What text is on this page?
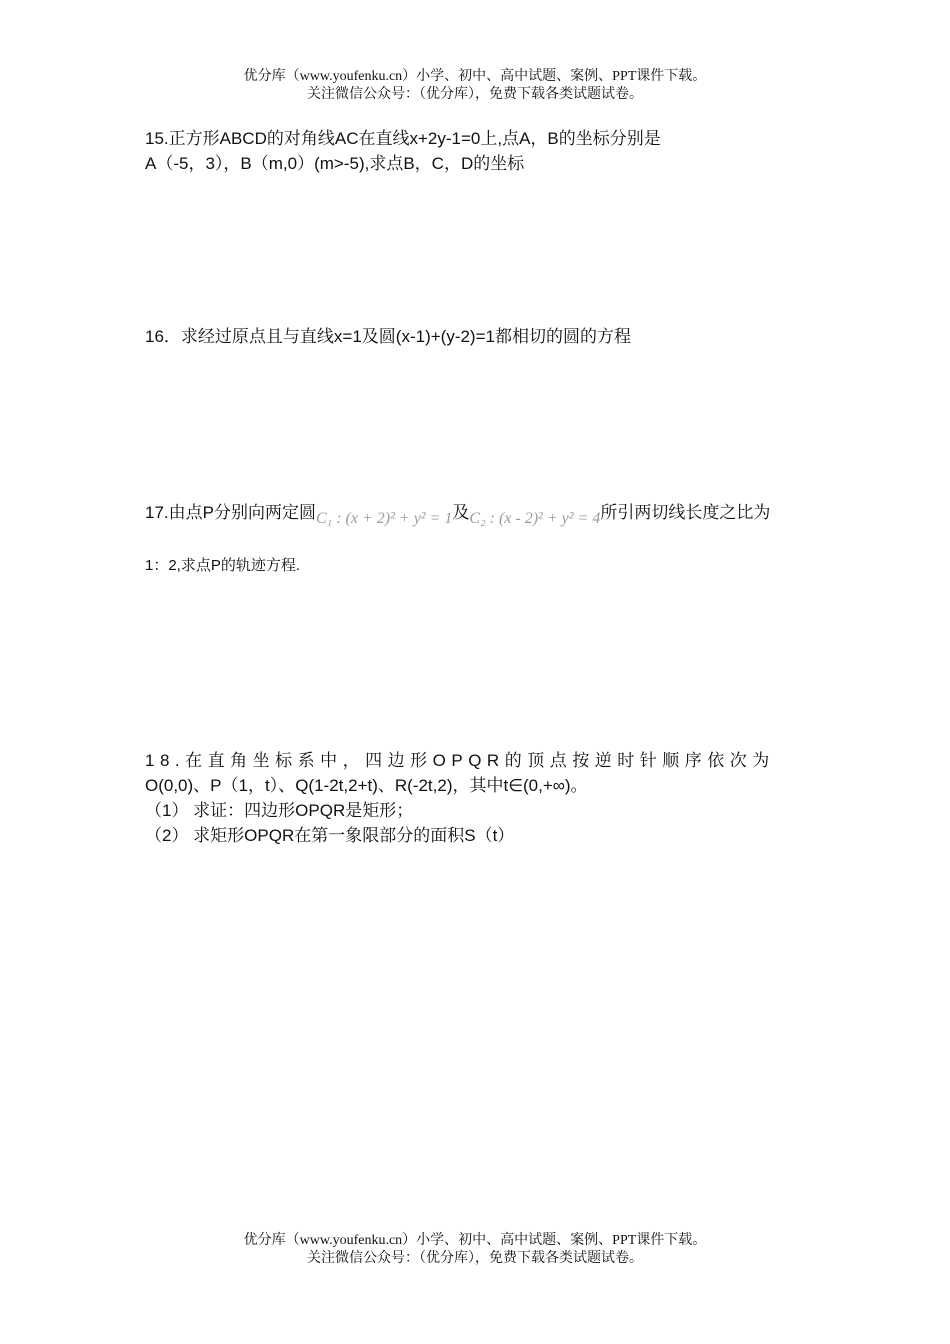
优分库（www.youfenku.cn）小学、初中、高中试题、案例、PPT课件下载。
关注微信公众号：（优分库），免费下载各类试题试卷。

15.正方形ABCD的对角线AC在直线x+2y-1=0上,点A，B的坐标分别是

A（-5，3），B（m,0）(m>-5),求点B，C，D的坐标

16．求经过原点且与直线x=1及圆(x-1)+(y-2)=1都相切的圆的方程

17.由点P分别向两定圆C₁ : (x + 2)² + y² = 1及C₂ : (x - 2)² + y² = 4所引两切线长度之比为

1：2,求点P的轨迹方程.

18.在直角坐标系中，四边形OPQR的顶点按逆时针顺序依次为

O(0,0)、P（1，t）、Q(1-2t,2+t)、R(-2t,2)，其中t∈(0,+∞)。

（1） 求证：四边形OPQR是矩形；

（2） 求矩形OPQR在第一象限部分的面积S（t）

优分库（www.youfenku.cn）小学、初中、高中试题、案例、PPT课件下载。
关注微信公众号：（优分库），免费下载各类试题试卷。
